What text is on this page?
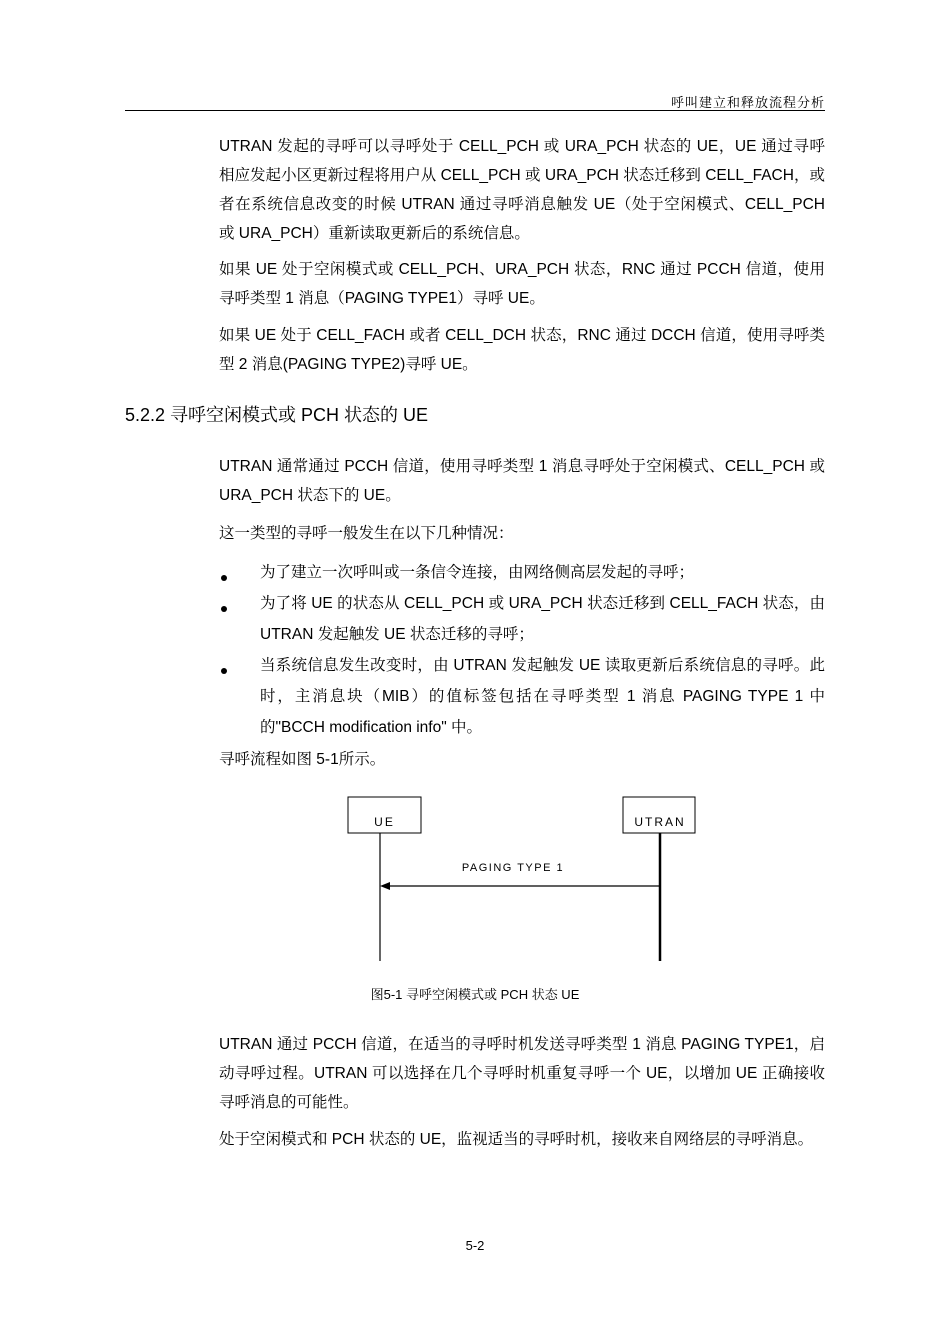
呼叫建立和释放流程分析

UTRAN 发起的寻呼可以寻呼处于 CELL_PCH 或 URA_PCH 状态的 UE，UE 通过寻呼相应发起小区更新过程将用户从 CELL_PCH 或 URA_PCH 状态迁移到 CELL_FACH，或者在系统信息改变的时候 UTRAN 通过寻呼消息触发 UE（处于空闲模式、CELL_PCH 或 URA_PCH）重新读取更新后的系统信息。

如果 UE 处于空闲模式或 CELL_PCH、URA_PCH 状态，RNC 通过 PCCH 信道，使用寻呼类型 1 消息（PAGING TYPE1）寻呼 UE。

如果 UE 处于 CELL_FACH 或者 CELL_DCH 状态，RNC 通过 DCCH 信道，使用寻呼类型 2 消息(PAGING TYPE2)寻呼 UE。

5.2.2 寻呼空闲模式或 PCH 状态的 UE

UTRAN 通常通过 PCCH 信道，使用寻呼类型 1 消息寻呼处于空闲模式、CELL_PCH 或 URA_PCH 状态下的 UE。

这一类型的寻呼一般发生在以下几种情况：

为了建立一次呼叫或一条信令连接，由网络侧高层发起的寻呼；
为了将 UE 的状态从 CELL_PCH 或 URA_PCH 状态迁移到 CELL_FACH 状态，由 UTRAN 发起触发 UE 状态迁移的寻呼；
当系统信息发生改变时，由 UTRAN 发起触发 UE 读取更新后系统信息的寻呼。此时，主消息块（MIB）的值标签包括在寻呼类型 1 消息 PAGING TYPE 1 中的"BCCH modification info" 中。

寻呼流程如图 5-1所示。

UE	UTRAN
PAGING TYPE 1
图5-1 寻呼空闲模式或 PCH 状态 UE

UTRAN 通过 PCCH 信道，在适当的寻呼时机发送寻呼类型 1 消息 PAGING TYPE1，启动寻呼过程。UTRAN 可以选择在几个寻呼时机重复寻呼一个 UE，以增加 UE 正确接收寻呼消息的可能性。

处于空闲模式和 PCH 状态的 UE，监视适当的寻呼时机，接收来自网络层的寻呼消息。

5-2
